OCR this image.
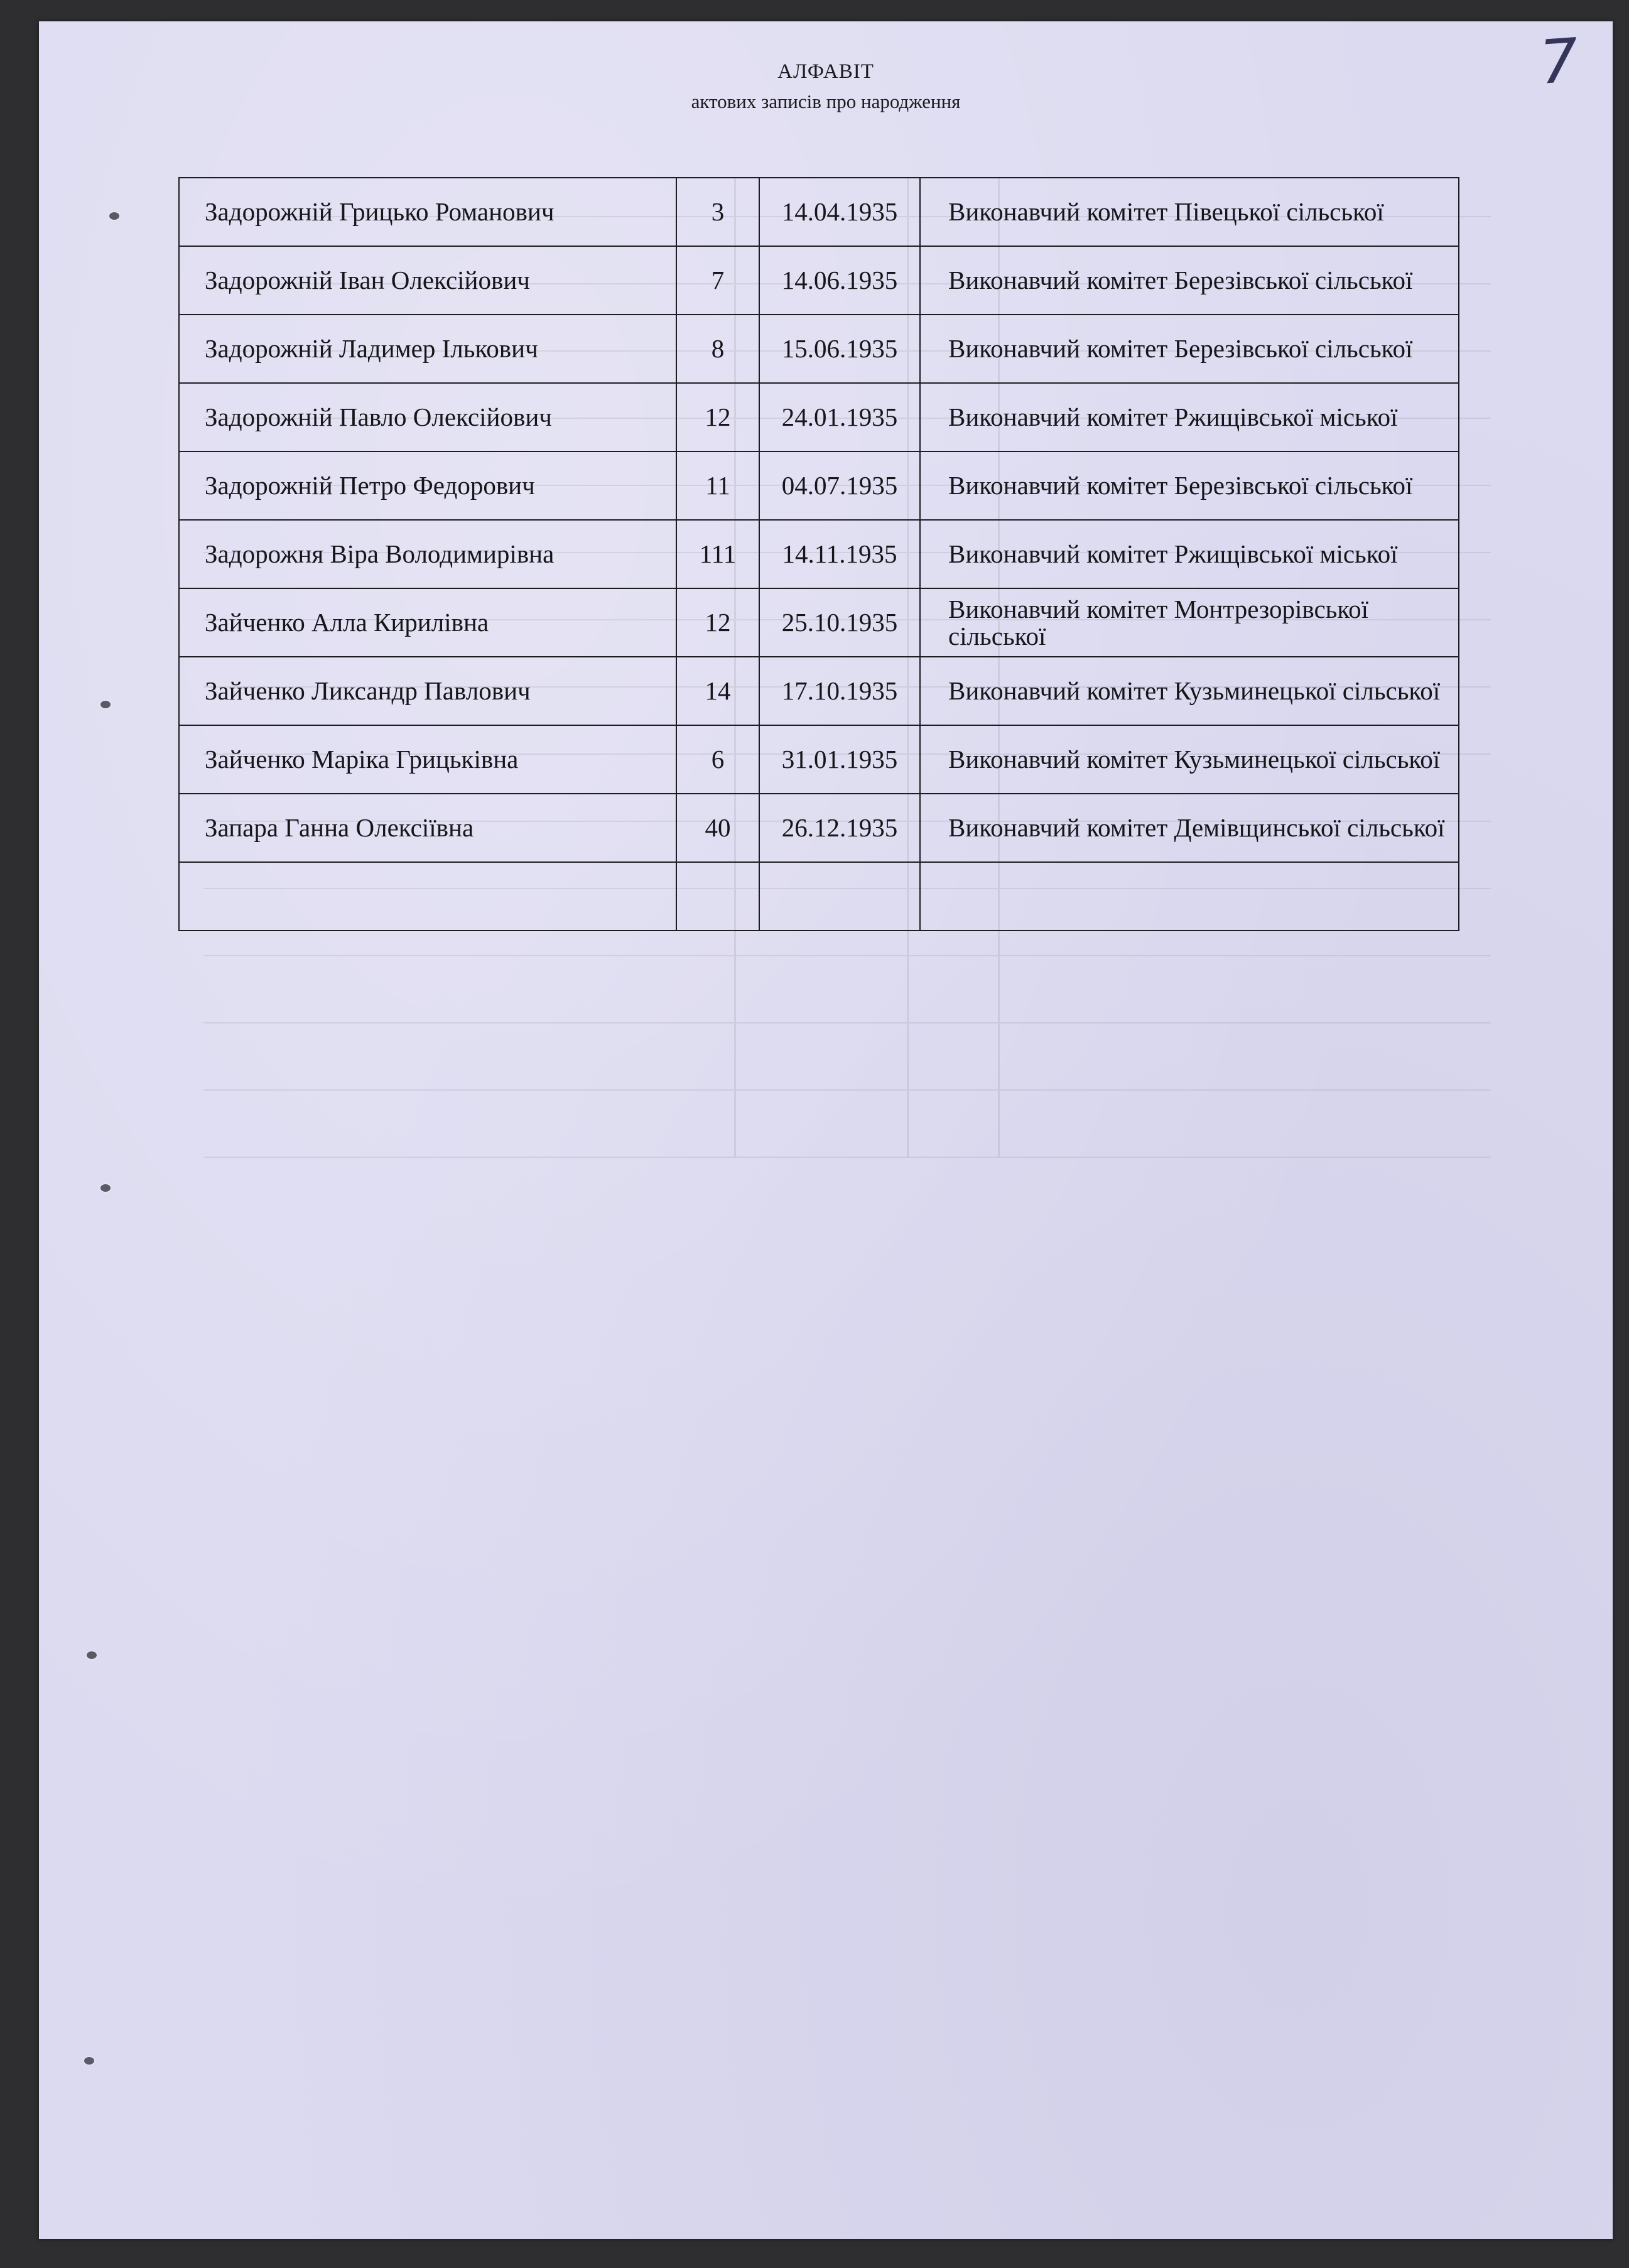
7
АЛФАВІТ
актових записів про народження
Задорожній Грицько Романович	3	14.04.1935	Виконавчий комітет Півецької сільської
Задорожній Іван Олексійович	7	14.06.1935	Виконавчий комітет Березівської сільської
Задорожній Ладимер Ількович	8	15.06.1935	Виконавчий комітет Березівської сільської
Задорожній Павло Олексійович	12	24.01.1935	Виконавчий комітет Ржищівської міської
Задорожній Петро Федорович	11	04.07.1935	Виконавчий комітет Березівської сільської
Задорожня Віра Володимирівна	111	14.11.1935	Виконавчий комітет Ржищівської міської
Зайченко Алла Кирилівна	12	25.10.1935	Виконавчий комітет Монтрезорівської сільської
Зайченко Ликсандр Павлович	14	17.10.1935	Виконавчий комітет Кузьминецької сільської
Зайченко Маріка Грицьківна	6	31.01.1935	Виконавчий комітет Кузьминецької сільської
Запара Ганна Олексіївна	40	26.12.1935	Виконавчий комітет Демівщинської сільської
